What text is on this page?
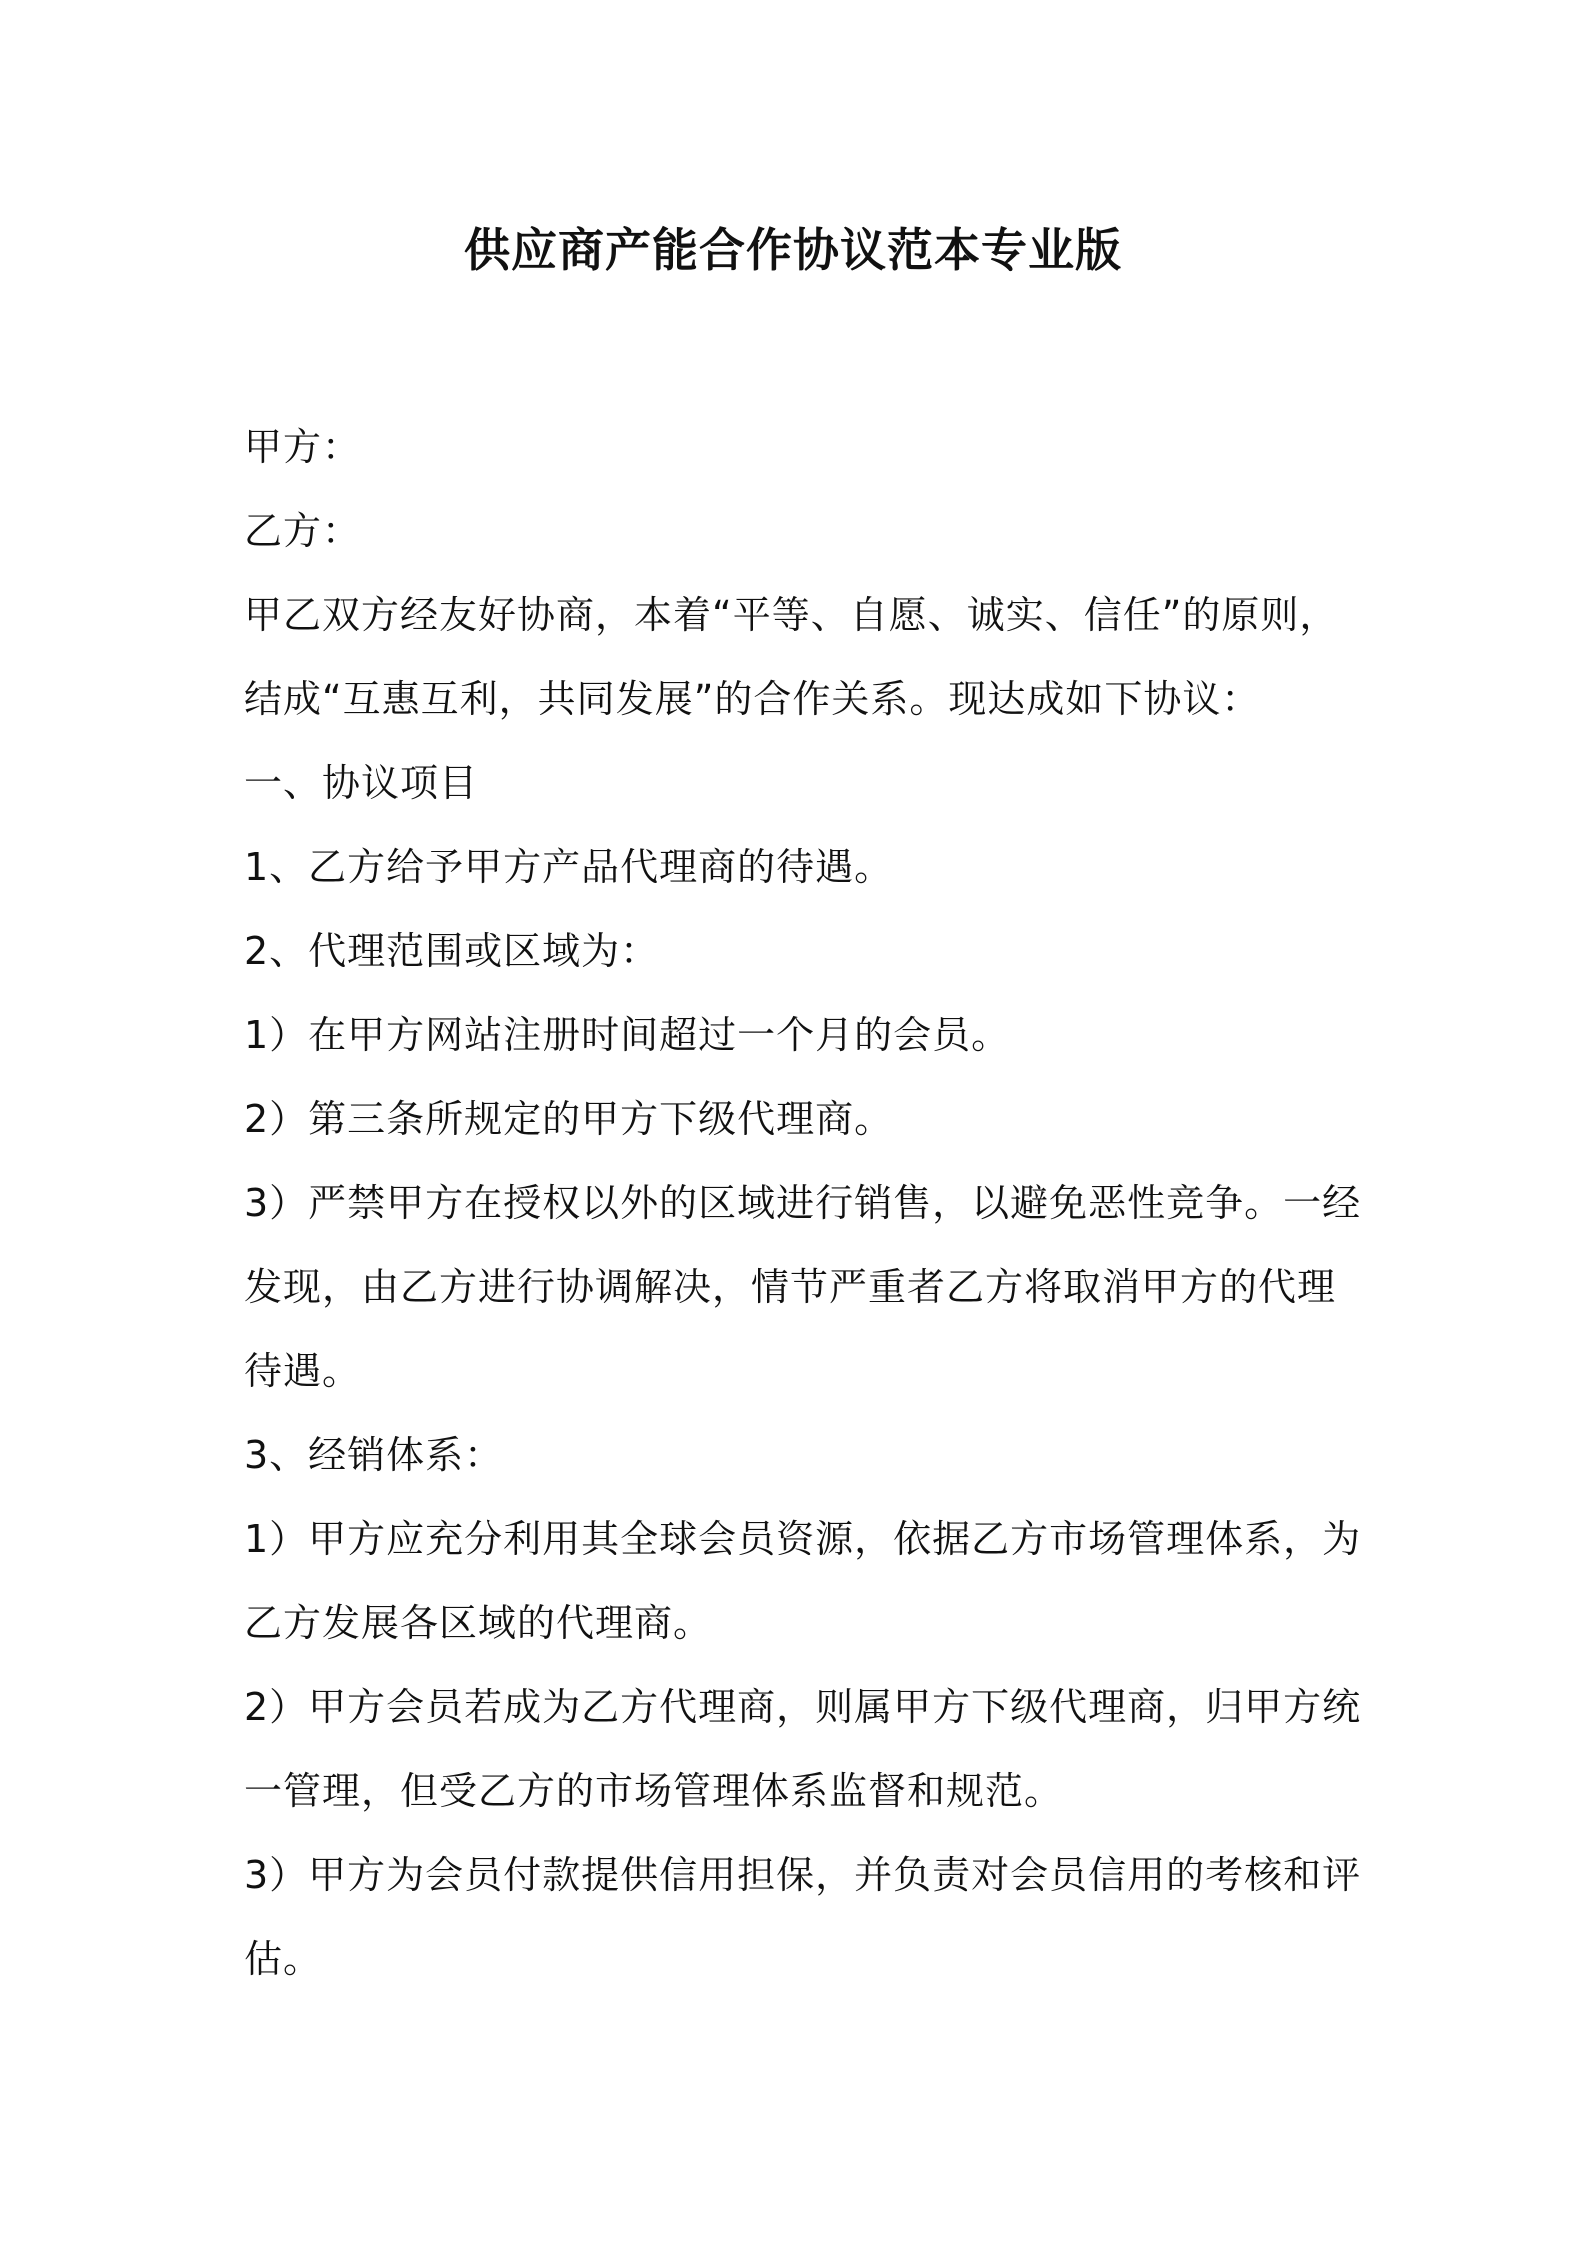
供应商产能合作协议范本专业版

甲方：

乙方：

甲乙双方经友好协商，本着“平等、自愿、诚实、信任”的原则，结成“互惠互利，共同发展”的合作关系。现达成如下协议：

一、协议项目

1、乙方给予甲方产品代理商的待遇。

2、代理范围或区域为：

1）在甲方网站注册时间超过一个月的会员。

2）第三条所规定的甲方下级代理商。

3）严禁甲方在授权以外的区域进行销售，以避免恶性竞争。一经发现，由乙方进行协调解决，情节严重者乙方将取消甲方的代理待遇。

3、经销体系：

1）甲方应充分利用其全球会员资源，依据乙方市场管理体系，为乙方发展各区域的代理商。

2）甲方会员若成为乙方代理商，则属甲方下级代理商，归甲方统一管理，但受乙方的市场管理体系监督和规范。

3）甲方为会员付款提供信用担保，并负责对会员信用的考核和评估。
